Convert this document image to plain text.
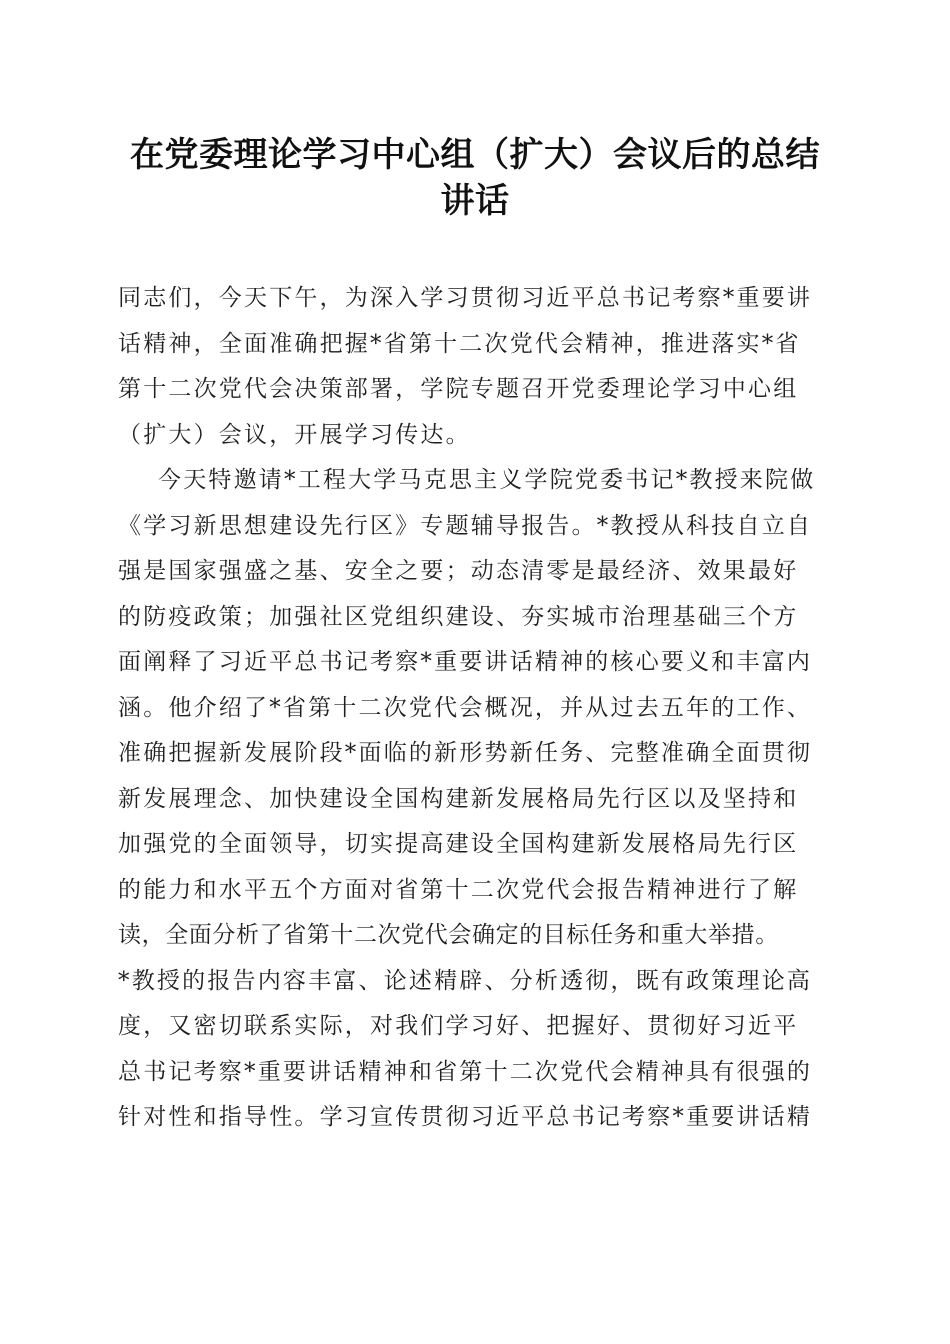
在党委理论学习中心组（扩大）会议后的总结
讲话
同志们，今天下午，为深入学习贯彻习近平总书记考察*重要讲
话精神，全面准确把握*省第十二次党代会精神，推进落实*省
第十二次党代会决策部署，学院专题召开党委理论学习中心组
（扩大）会议，开展学习传达。
今天特邀请*工程大学马克思主义学院党委书记*教授来院做
《学习新思想建设先行区》专题辅导报告。*教授从科技自立自
强是国家强盛之基、安全之要；动态清零是最经济、效果最好
的防疫政策；加强社区党组织建设、夯实城市治理基础三个方
面阐释了习近平总书记考察*重要讲话精神的核心要义和丰富内
涵。他介绍了*省第十二次党代会概况，并从过去五年的工作、
准确把握新发展阶段*面临的新形势新任务、完整准确全面贯彻
新发展理念、加快建设全国构建新发展格局先行区以及坚持和
加强党的全面领导，切实提高建设全国构建新发展格局先行区
的能力和水平五个方面对省第十二次党代会报告精神进行了解
读，全面分析了省第十二次党代会确定的目标任务和重大举措。
*教授的报告内容丰富、论述精辟、分析透彻，既有政策理论高
度，又密切联系实际，对我们学习好、把握好、贯彻好习近平
总书记考察*重要讲话精神和省第十二次党代会精神具有很强的
针对性和指导性。学习宣传贯彻习近平总书记考察*重要讲话精
